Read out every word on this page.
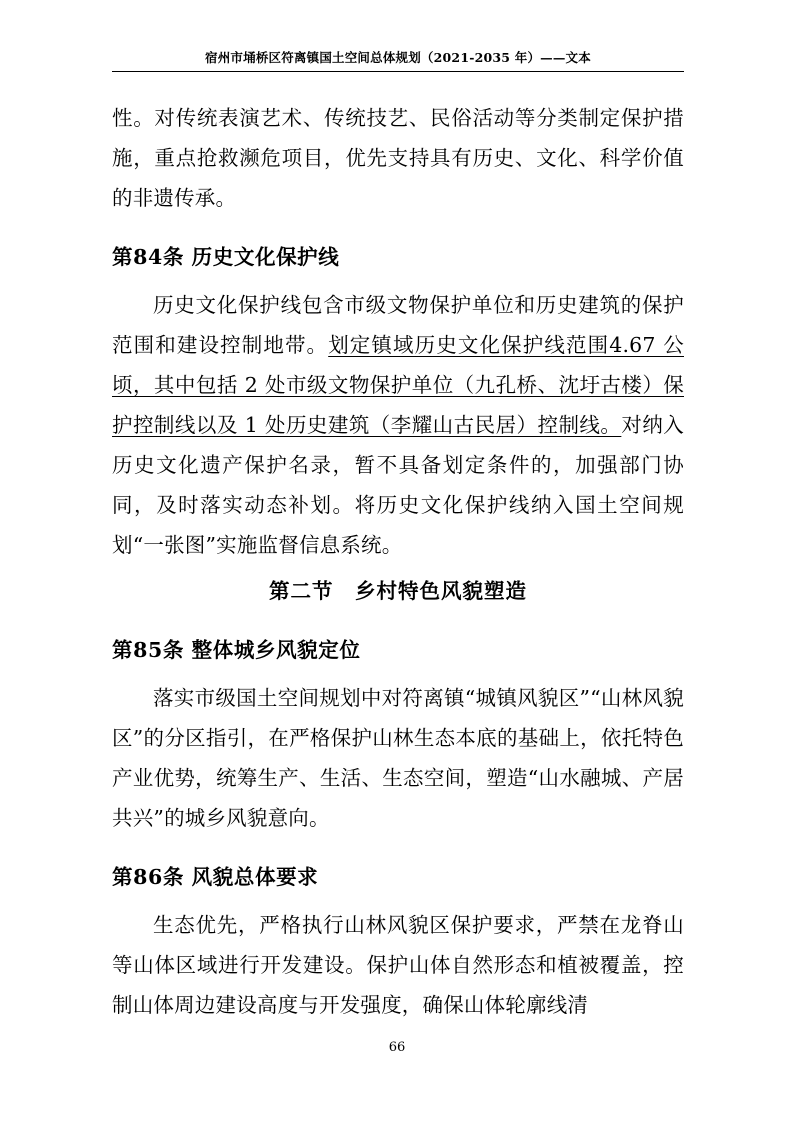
宿州市埇桥区符离镇国土空间总体规划（2021-2035 年）——文本

性。对传统表演艺术、传统技艺、民俗活动等分类制定保护措施，重点抢救濒危项目，优先支持具有历史、文化、科学价值的非遗传承。

第84条 历史文化保护线

历史文化保护线包含市级文物保护单位和历史建筑的保护范围和建设控制地带。划定镇域历史文化保护线范围4.67 公顷，其中包括 2 处市级文物保护单位（九孔桥、沈圩古楼）保护控制线以及 1 处历史建筑（李耀山古民居）控制线。对纳入历史文化遗产保护名录，暂不具备划定条件的，加强部门协同，及时落实动态补划。将历史文化保护线纳入国土空间规划“一张图”实施监督信息系统。

第二节　乡村特色风貌塑造
第85条 整体城乡风貌定位

落实市级国土空间规划中对符离镇“城镇风貌区”“山林风貌区”的分区指引，在严格保护山林生态本底的基础上，依托特色产业优势，统筹生产、生活、生态空间，塑造“山水融城、产居共兴”的城乡风貌意向。

第86条 风貌总体要求

生态优先，严格执行山林风貌区保护要求，严禁在龙脊山等山体区域进行开发建设。保护山体自然形态和植被覆盖，控制山体周边建设高度与开发强度，确保山体轮廓线清

66
